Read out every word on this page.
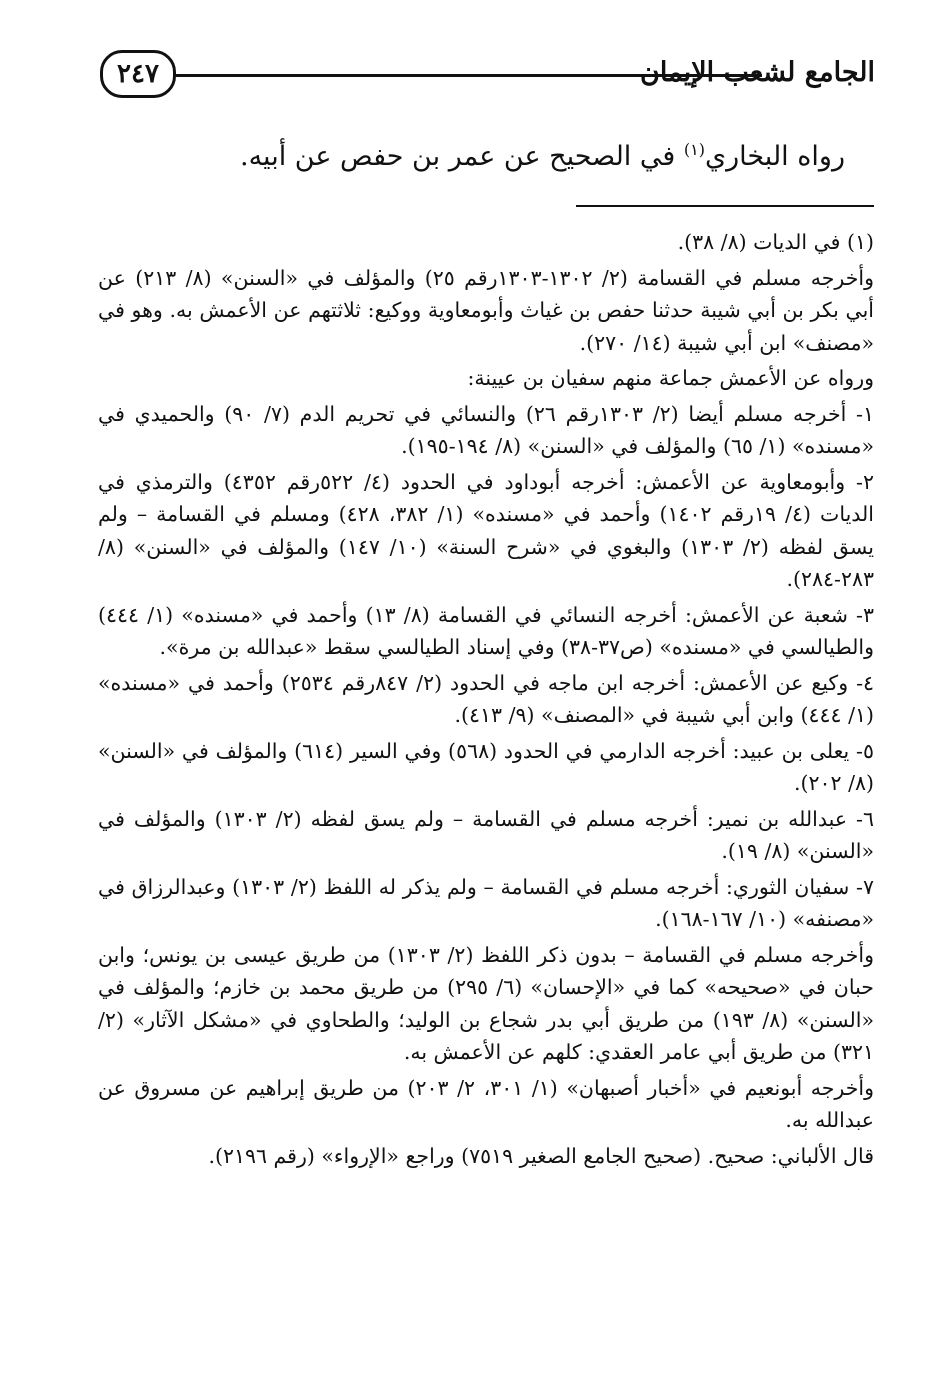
٢٤٧	الجامع لشعب الإيمان
رواه البخاري$^{(١)}$ في الصحيح عن عمر بن حفص عن أبيه.

(١) في الديات (٨/ ٣٨).

وأخرجه مسلم في القسامة (٢/ ١٣٠٢-١٣٠٣رقم ٢٥) والمؤلف في «السنن» (٨/ ٢١٣) عن أبي بكر بن أبي شيبة حدثنا حفص بن غياث وأبومعاوية ووكيع: ثلاثتهم عن الأعمش به. وهو في «مصنف» ابن أبي شيبة (١٤/ ٢٧٠).

ورواه عن الأعمش جماعة منهم سفيان بن عيينة:

١- أخرجه مسلم أيضا (٢/ ١٣٠٣رقم ٢٦) والنسائي في تحريم الدم (٧/ ٩٠) والحميدي في «مسنده» (١/ ٦٥) والمؤلف في «السنن» (٨/ ١٩٤-١٩٥).

٢- وأبومعاوية عن الأعمش: أخرجه أبوداود في الحدود (٤/ ٥٢٢رقم ٤٣٥٢) والترمذي في الديات (٤/ ١٩رقم ١٤٠٢) وأحمد في «مسنده» (١/ ٣٨٢، ٤٢٨) ومسلم في القسامة – ولم يسق لفظه (٢/ ١٣٠٣) والبغوي في «شرح السنة» (١٠/ ١٤٧) والمؤلف في «السنن» (٨/ ٢٨٣-٢٨٤).

٣- شعبة عن الأعمش: أخرجه النسائي في القسامة (٨/ ١٣) وأحمد في «مسنده» (١/ ٤٤٤) والطيالسي في «مسنده» (ص٣٧-٣٨) وفي إسناد الطيالسي سقط «عبدالله بن مرة».

٤- وكيع عن الأعمش: أخرجه ابن ماجه في الحدود (٢/ ٨٤٧رقم ٢٥٣٤) وأحمد في «مسنده» (١/ ٤٤٤) وابن أبي شيبة في «المصنف» (٩/ ٤١٣).

٥- يعلى بن عبيد: أخرجه الدارمي في الحدود (٥٦٨) وفي السير (٦١٤) والمؤلف في «السنن» (٨/ ٢٠٢).

٦- عبدالله بن نمير: أخرجه مسلم في القسامة – ولم يسق لفظه (٢/ ١٣٠٣) والمؤلف في «السنن» (٨/ ١٩).

٧- سفيان الثوري: أخرجه مسلم في القسامة – ولم يذكر له اللفظ (٢/ ١٣٠٣) وعبدالرزاق في «مصنفه» (١٠/ ١٦٧-١٦٨).

وأخرجه مسلم في القسامة – بدون ذكر اللفظ (٢/ ١٣٠٣) من طريق عيسى بن يونس؛ وابن حبان في «صحيحه» كما في «الإحسان» (٦/ ٢٩٥) من طريق محمد بن خازم؛ والمؤلف في «السنن» (٨/ ١٩٣) من طريق أبي بدر شجاع بن الوليد؛ والطحاوي في «مشكل الآثار» (٢/ ٣٢١) من طريق أبي عامر العقدي: كلهم عن الأعمش به.

وأخرجه أبونعيم في «أخبار أصبهان» (١/ ٣٠١، ٢/ ٢٠٣) من طريق إبراهيم عن مسروق عن عبدالله به.

قال الألباني: صحيح. (صحيح الجامع الصغير ٧٥١٩) وراجع «الإرواء» (رقم ٢١٩٦).
